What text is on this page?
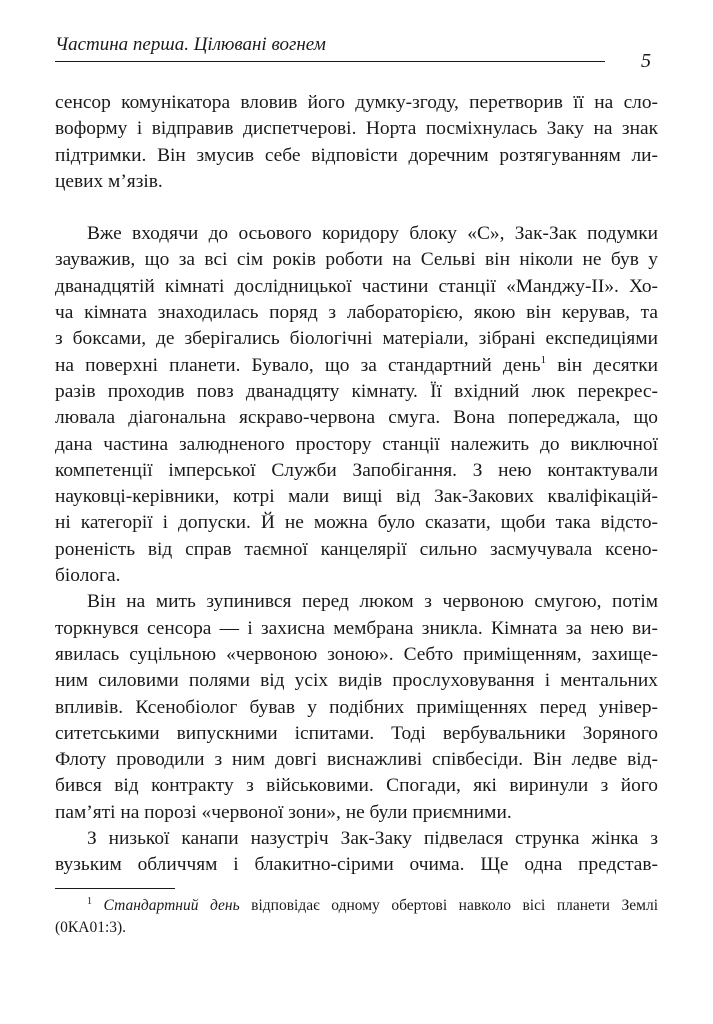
Частина перша. Цілювані вогнем
5
сенсор комунікатора вловив його думку-згоду, перетворив її на сло-
воформу і відправив диспетчерові. Норта посміхнулась Заку на знак
підтримки. Він змусив себе відповісти доречним розтягуванням ли-
цевих м’язів.
Вже входячи до осьового коридору блоку «С», Зак-Зак подумки
зауважив, що за всі сім років роботи на Сельві він ніколи не був у
дванадцятій кімнаті дослідницької частини станції «Манджу-II». Хо-
ча кімната знаходилась поряд з лабораторією, якою він керував, та
з боксами, де зберігались біологічні матеріали, зібрані експедиціями
на поверхні планети. Бувало, що за стандартний день$^1$ він десятки
разів проходив повз дванадцяту кімнату. Її вхідний люк перекрес-
лювала діагональна яскраво-червона смуга. Вона попереджала, що
дана частина залюдненого простору станції належить до виключної
компетенції імперської Служби Запобігання. З нею контактували
науковці-керівники, котрі мали вищі від Зак-Закових кваліфікацій-
ні категорії і допуски. Й не можна було сказати, щоби така відсто-
роненість від справ таємної канцелярії сильно засмучувала ксено-
біолога.
Він на мить зупинився перед люком з червоною смугою, потім
торкнувся сенсора — і захисна мембрана зникла. Кімната за нею ви-
явилась суцільною «червоною зоною». Себто приміщенням, захище-
ним силовими полями від усіх видів прослуховування і ментальних
впливів. Ксенобіолог бував у подібних приміщеннях перед універ-
ситетськими випускними іспитами. Тоді вербувальники Зоряного
Флоту проводили з ним довгі виснажливі співбесіди. Він ледве від-
бився від контракту з військовими. Спогади, які виринули з його
пам’яті на порозі «червоної зони», не були приємними.
З низької канапи назустріч Зак-Заку підвелася струнка жінка з
вузьким обличчям і блакитно-сірими очима. Ще одна представ-
$^1$ Стандартний день відповідає одному обертові навколо вісі планети Землі
(0КА01:3).
